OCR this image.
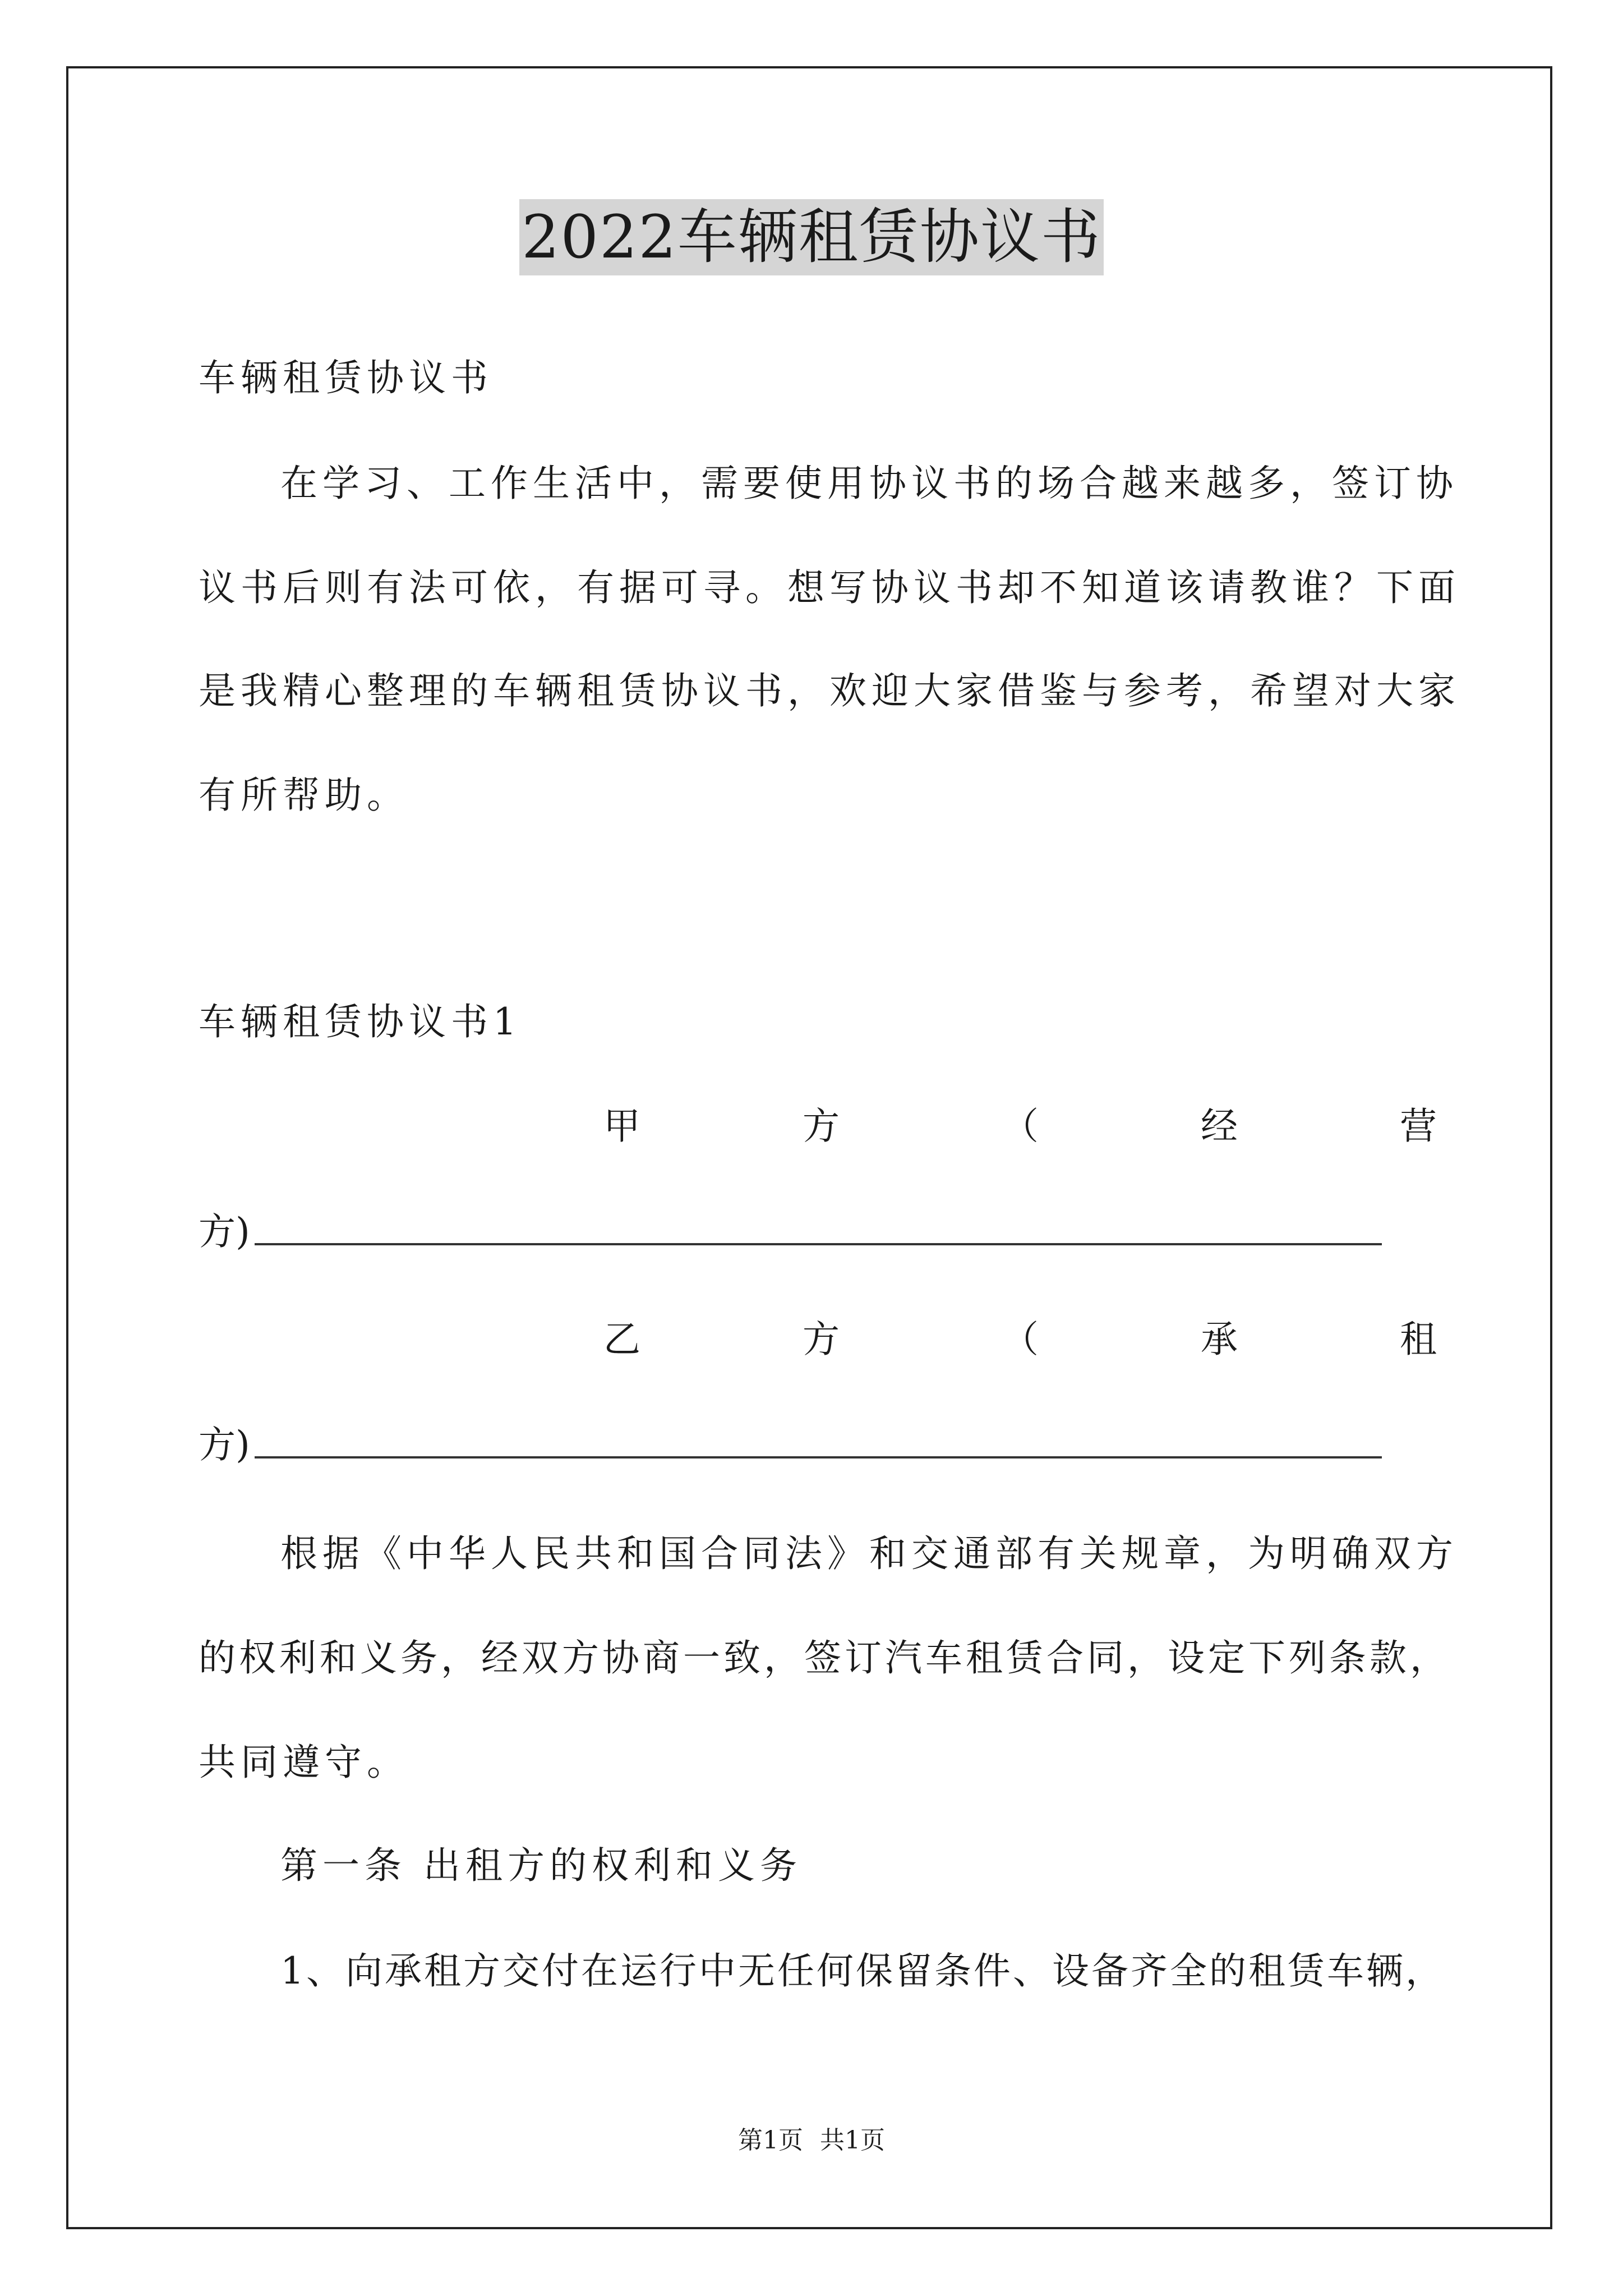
2022车辆租赁协议书
车辆租赁协议书
在学习、工作生活中，需要使用协议书的场合越来越多，签订协
议书后则有法可依，有据可寻。想写协议书却不知道该请教谁？下面
是我精心整理的车辆租赁协议书，欢迎大家借鉴与参考，希望对大家
有所帮助。
车辆租赁协议书1
甲	方	（	经	营
方)
乙	方	（	承	租
方)
根据《中华人民共和国合同法》和交通部有关规章，为明确双方
的权利和义务，经双方协商一致，签订汽车租赁合同，设定下列条款，
共同遵守。
第一条 出租方的权利和义务
1、向承租方交付在运行中无任何保留条件、设备齐全的租赁车辆，
第1页 共1页
